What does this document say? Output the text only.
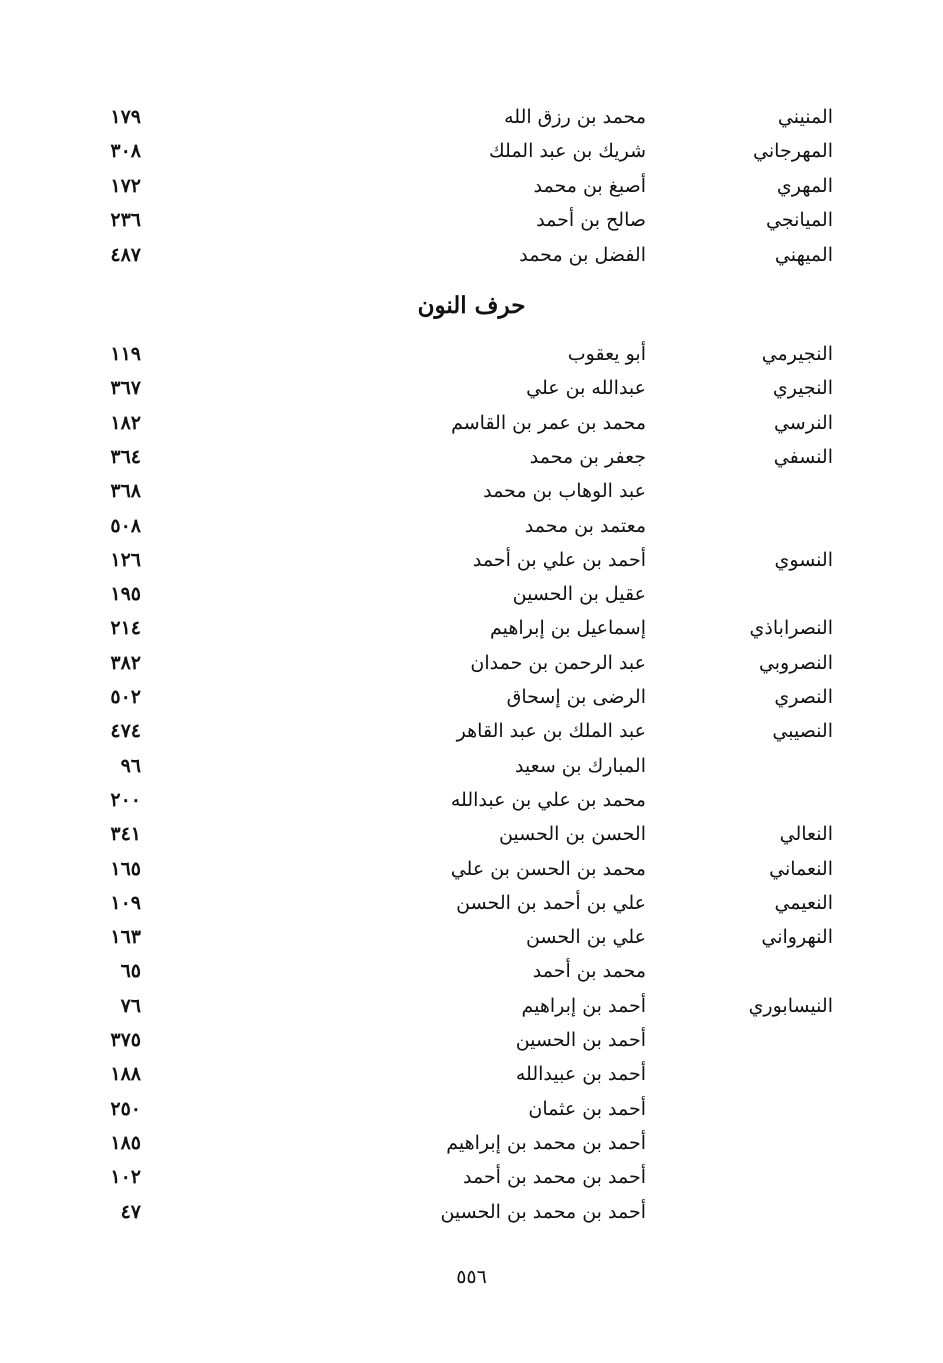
المنيني
محمد بن رزق الله
١٧٩
المهرجاني
شريك بن عبد الملك
٣٠٨
المهري
أصبغ بن محمد
١٧٢
الميانجي
صالح بن أحمد
٢٣٦
الميهني
الفضل بن محمد
٤٨٧
حرف النون
النجيرمي
أبو يعقوب
١١٩
النجيري
عبدالله بن علي
٣٦٧
النرسي
محمد بن عمر بن القاسم
١٨٢
النسفي
جعفر بن محمد
٣٦٤
عبد الوهاب بن محمد
٣٦٨
معتمد بن محمد
٥٠٨
النسوي
أحمد بن علي بن أحمد
١٢٦
عقيل بن الحسين
١٩٥
النصراباذي
إسماعيل بن إبراهيم
٢١٤
النصروبي
عبد الرحمن بن حمدان
٣٨٢
النصري
الرضى بن إسحاق
٥٠٢
النصيبي
عبد الملك بن عبد القاهر
٤٧٤
المبارك بن سعيد
٩٦
محمد بن علي بن عبدالله
٢٠٠
النعالي
الحسن بن الحسين
٣٤١
النعماني
محمد بن الحسن بن علي
١٦٥
النعيمي
علي بن أحمد بن الحسن
١٠٩
النهرواني
علي بن الحسن
١٦٣
محمد بن أحمد
٦٥
النيسابوري
أحمد بن إبراهيم
٧٦
أحمد بن الحسين
٣٧٥
أحمد بن عبيدالله
١٨٨
أحمد بن عثمان
٢٥٠
أحمد بن محمد بن إبراهيم
١٨٥
أحمد بن محمد بن أحمد
١٠٢
أحمد بن محمد بن الحسين
٤٧
٥٥٦
